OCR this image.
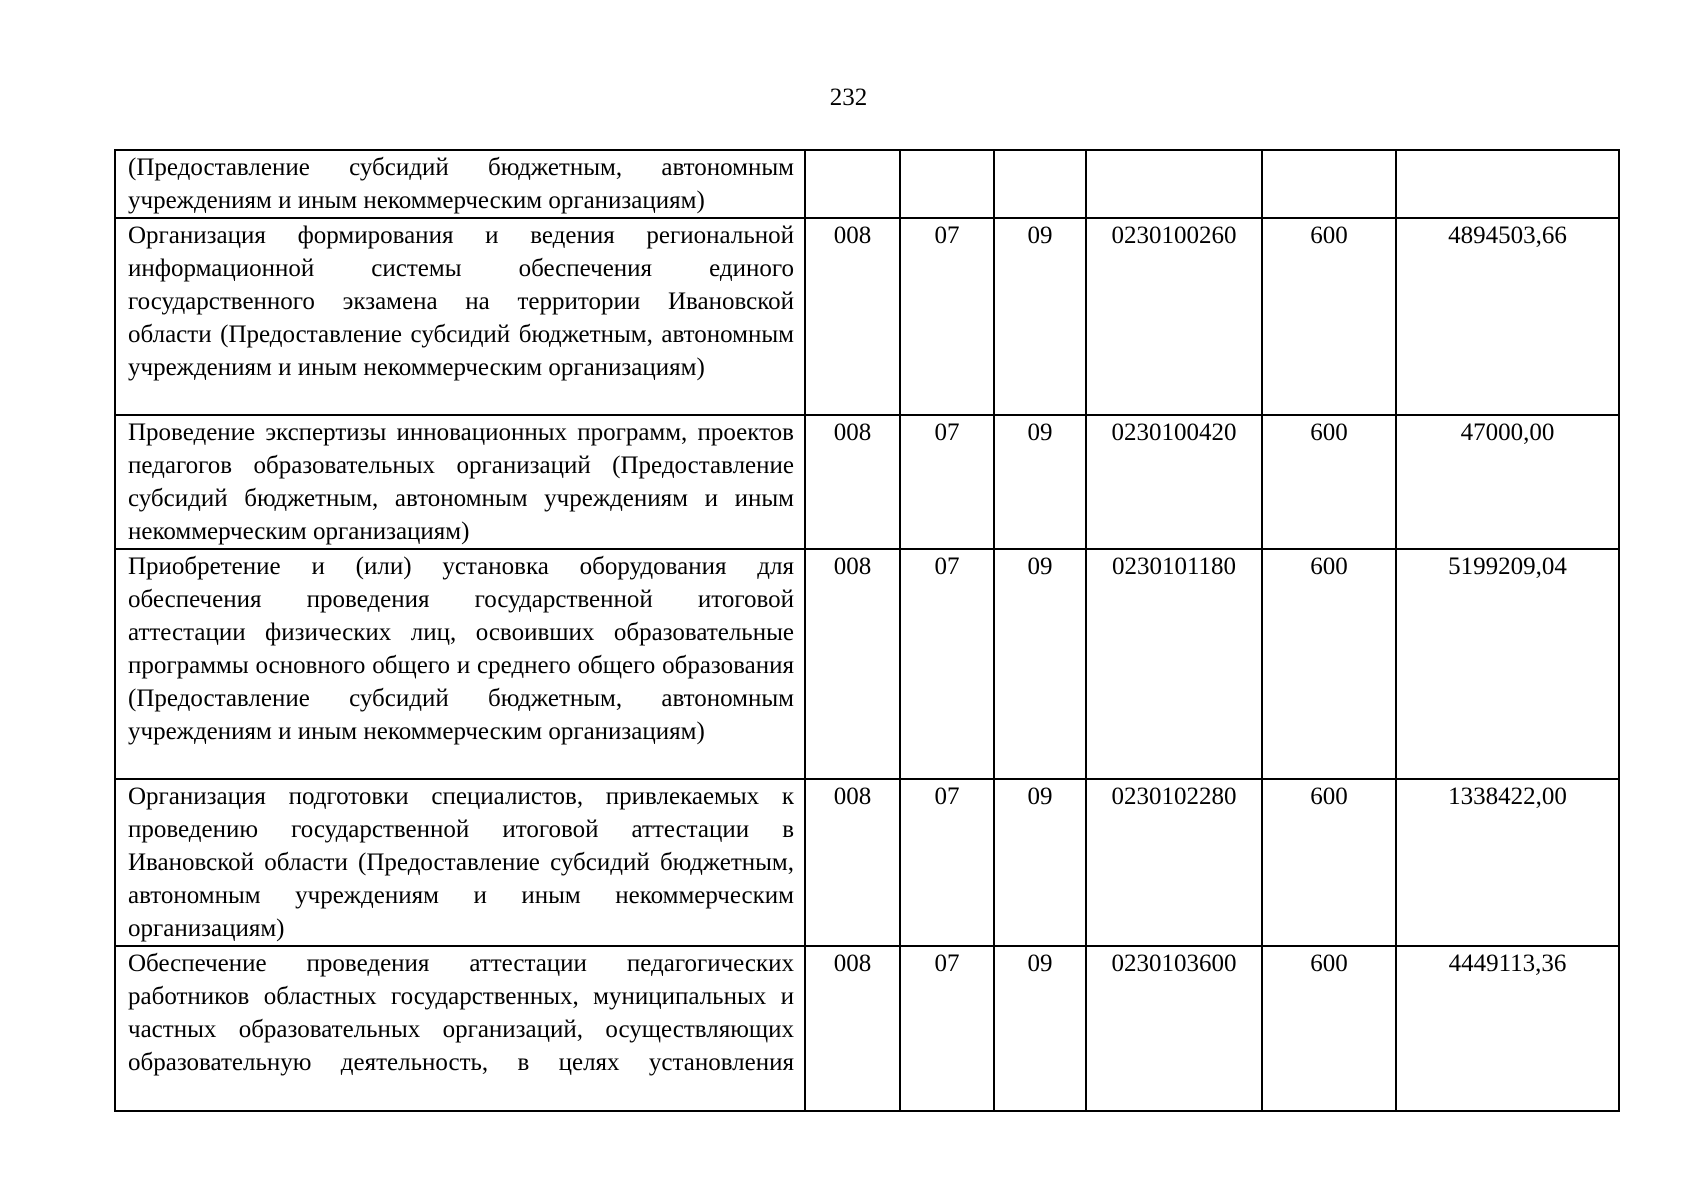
232
(Предоставление субсидий бюджетным, автономным учреждениям и иным некоммерческим организациям)						
Организация формирования и ведения региональной информационной системы обеспечения единого государственного экзамена на территории Ивановской области (Предоставление субсидий бюджетным, автономным учреждениям и иным некоммерческим организациям)	008	07	09	0230100260	600	4894503,66
Проведение экспертизы инновационных программ, проектов педагогов образовательных организаций (Предоставление субсидий бюджетным, автономным учреждениям и иным некоммерческим организациям)	008	07	09	0230100420	600	47000,00
Приобретение и (или) установка оборудования для обеспечения проведения государственной итоговой аттестации физических лиц, освоивших образовательные программы основного общего и среднего общего образования (Предоставление субсидий бюджетным, автономным учреждениям и иным некоммерческим организациям)	008	07	09	0230101180	600	5199209,04
Организация подготовки специалистов, привлекаемых к проведению государственной итоговой аттестации в Ивановской области (Предоставление субсидий бюджетным, автономным учреждениям и иным некоммерческим организациям)	008	07	09	0230102280	600	1338422,00
Обеспечение проведения аттестации педагогических работников областных государственных, муниципальных и частных образовательных организаций, осуществляющих образовательную деятельность, в целях установления	008	07	09	0230103600	600	4449113,36
